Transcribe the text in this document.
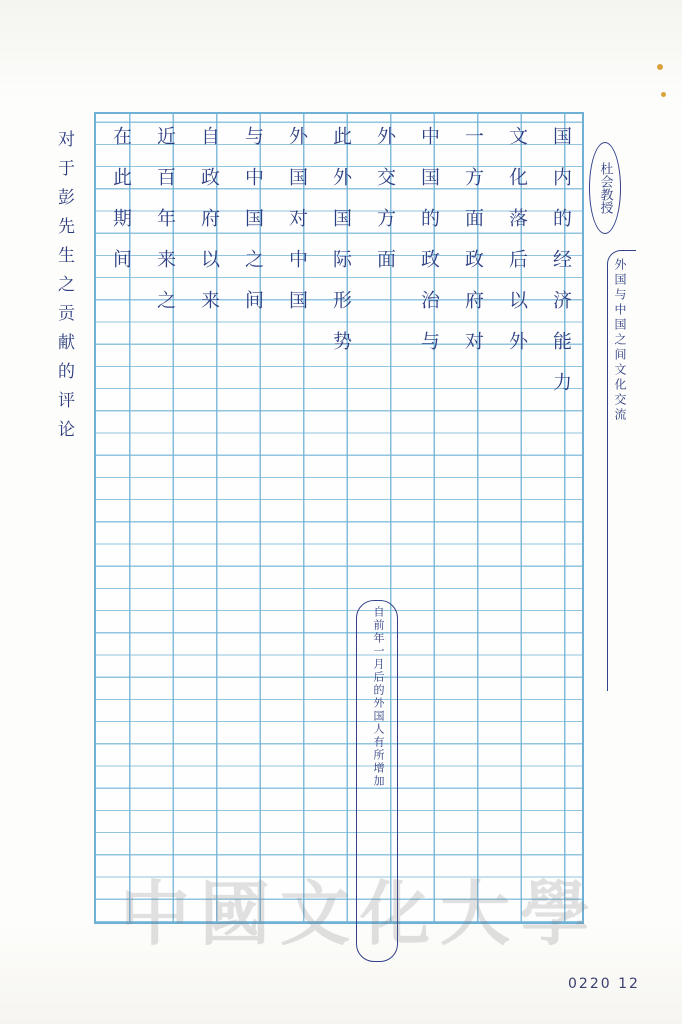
对于彭先生之贡献的评论	国内的经济能力
文化落后以外
一方面政府对
中国的政治与
外交方面
此外国际形势
外国对中国
与中国之间
自政府以来
近百年来之
在此期间	杜会教授
外国与中国之间文化交流
自前年一月后的外国人有所增加
中國文化大學
0220 12
